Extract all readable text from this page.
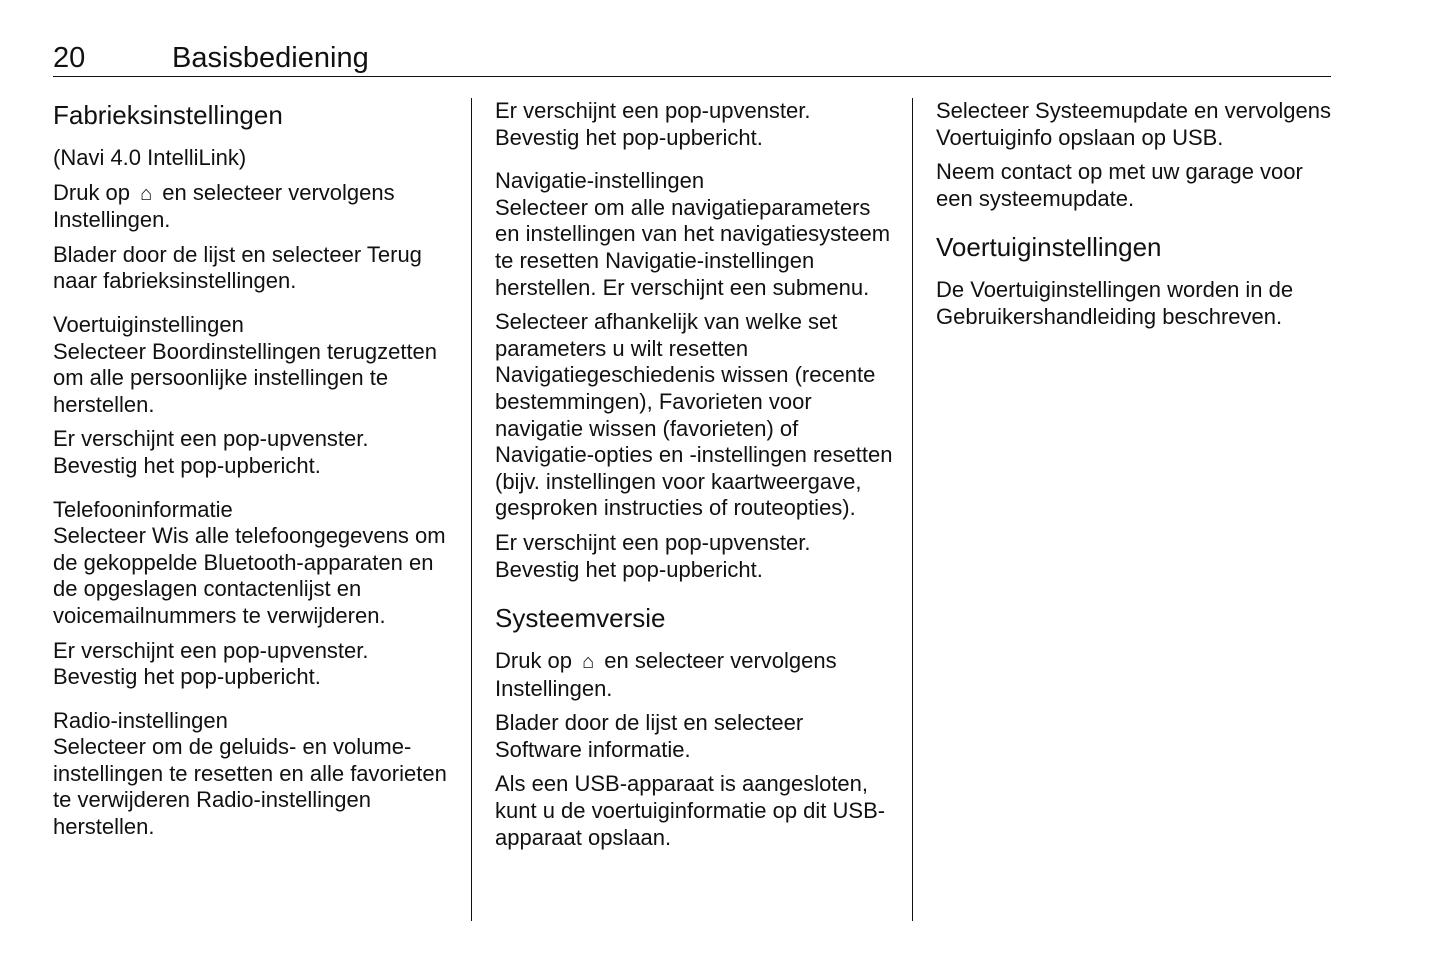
20	Basisbediening
Fabrieksinstellingen

(Navi 4.0 IntelliLink)

Druk op ⌂ en selecteer vervolgens Instellingen.

Blader door de lijst en selecteer Terug naar fabrieksinstellingen.

Voertuiginstellingen

Selecteer Boordinstellingen terugzetten om alle persoonlijke instellingen te herstellen.

Er verschijnt een pop-upvenster. Bevestig het pop-upbericht.

Telefooninformatie

Selecteer Wis alle telefoongegevens om de gekoppelde Bluetooth-apparaten en de opgeslagen contactenlijst en voicemailnummers te verwijderen.

Er verschijnt een pop-upvenster. Bevestig het pop-upbericht.

Radio-instellingen

Selecteer om de geluids- en volume-instellingen te resetten en alle favorieten te verwijderen Radio-instellingen herstellen.

Er verschijnt een pop-upvenster. Bevestig het pop-upbericht.

Navigatie-instellingen

Selecteer om alle navigatieparameters en instellingen van het navigatiesysteem te resetten Navigatie-instellingen herstellen. Er verschijnt een submenu.

Selecteer afhankelijk van welke set parameters u wilt resetten Navigatiegeschiedenis wissen (recente bestemmingen), Favorieten voor navigatie wissen (favorieten) of Navigatie-opties en -instellingen resetten (bijv. instellingen voor kaartweergave, gesproken instructies of routeopties).

Er verschijnt een pop-upvenster. Bevestig het pop-upbericht.

Systeemversie

Druk op ⌂ en selecteer vervolgens Instellingen.

Blader door de lijst en selecteer Software informatie.

Als een USB-apparaat is aangesloten, kunt u de voertuiginformatie op dit USB-apparaat opslaan.

Selecteer Systeemupdate en vervolgens Voertuiginfo opslaan op USB.

Neem contact op met uw garage voor een systeemupdate.

Voertuiginstellingen

De Voertuiginstellingen worden in de Gebruikershandleiding beschreven.
